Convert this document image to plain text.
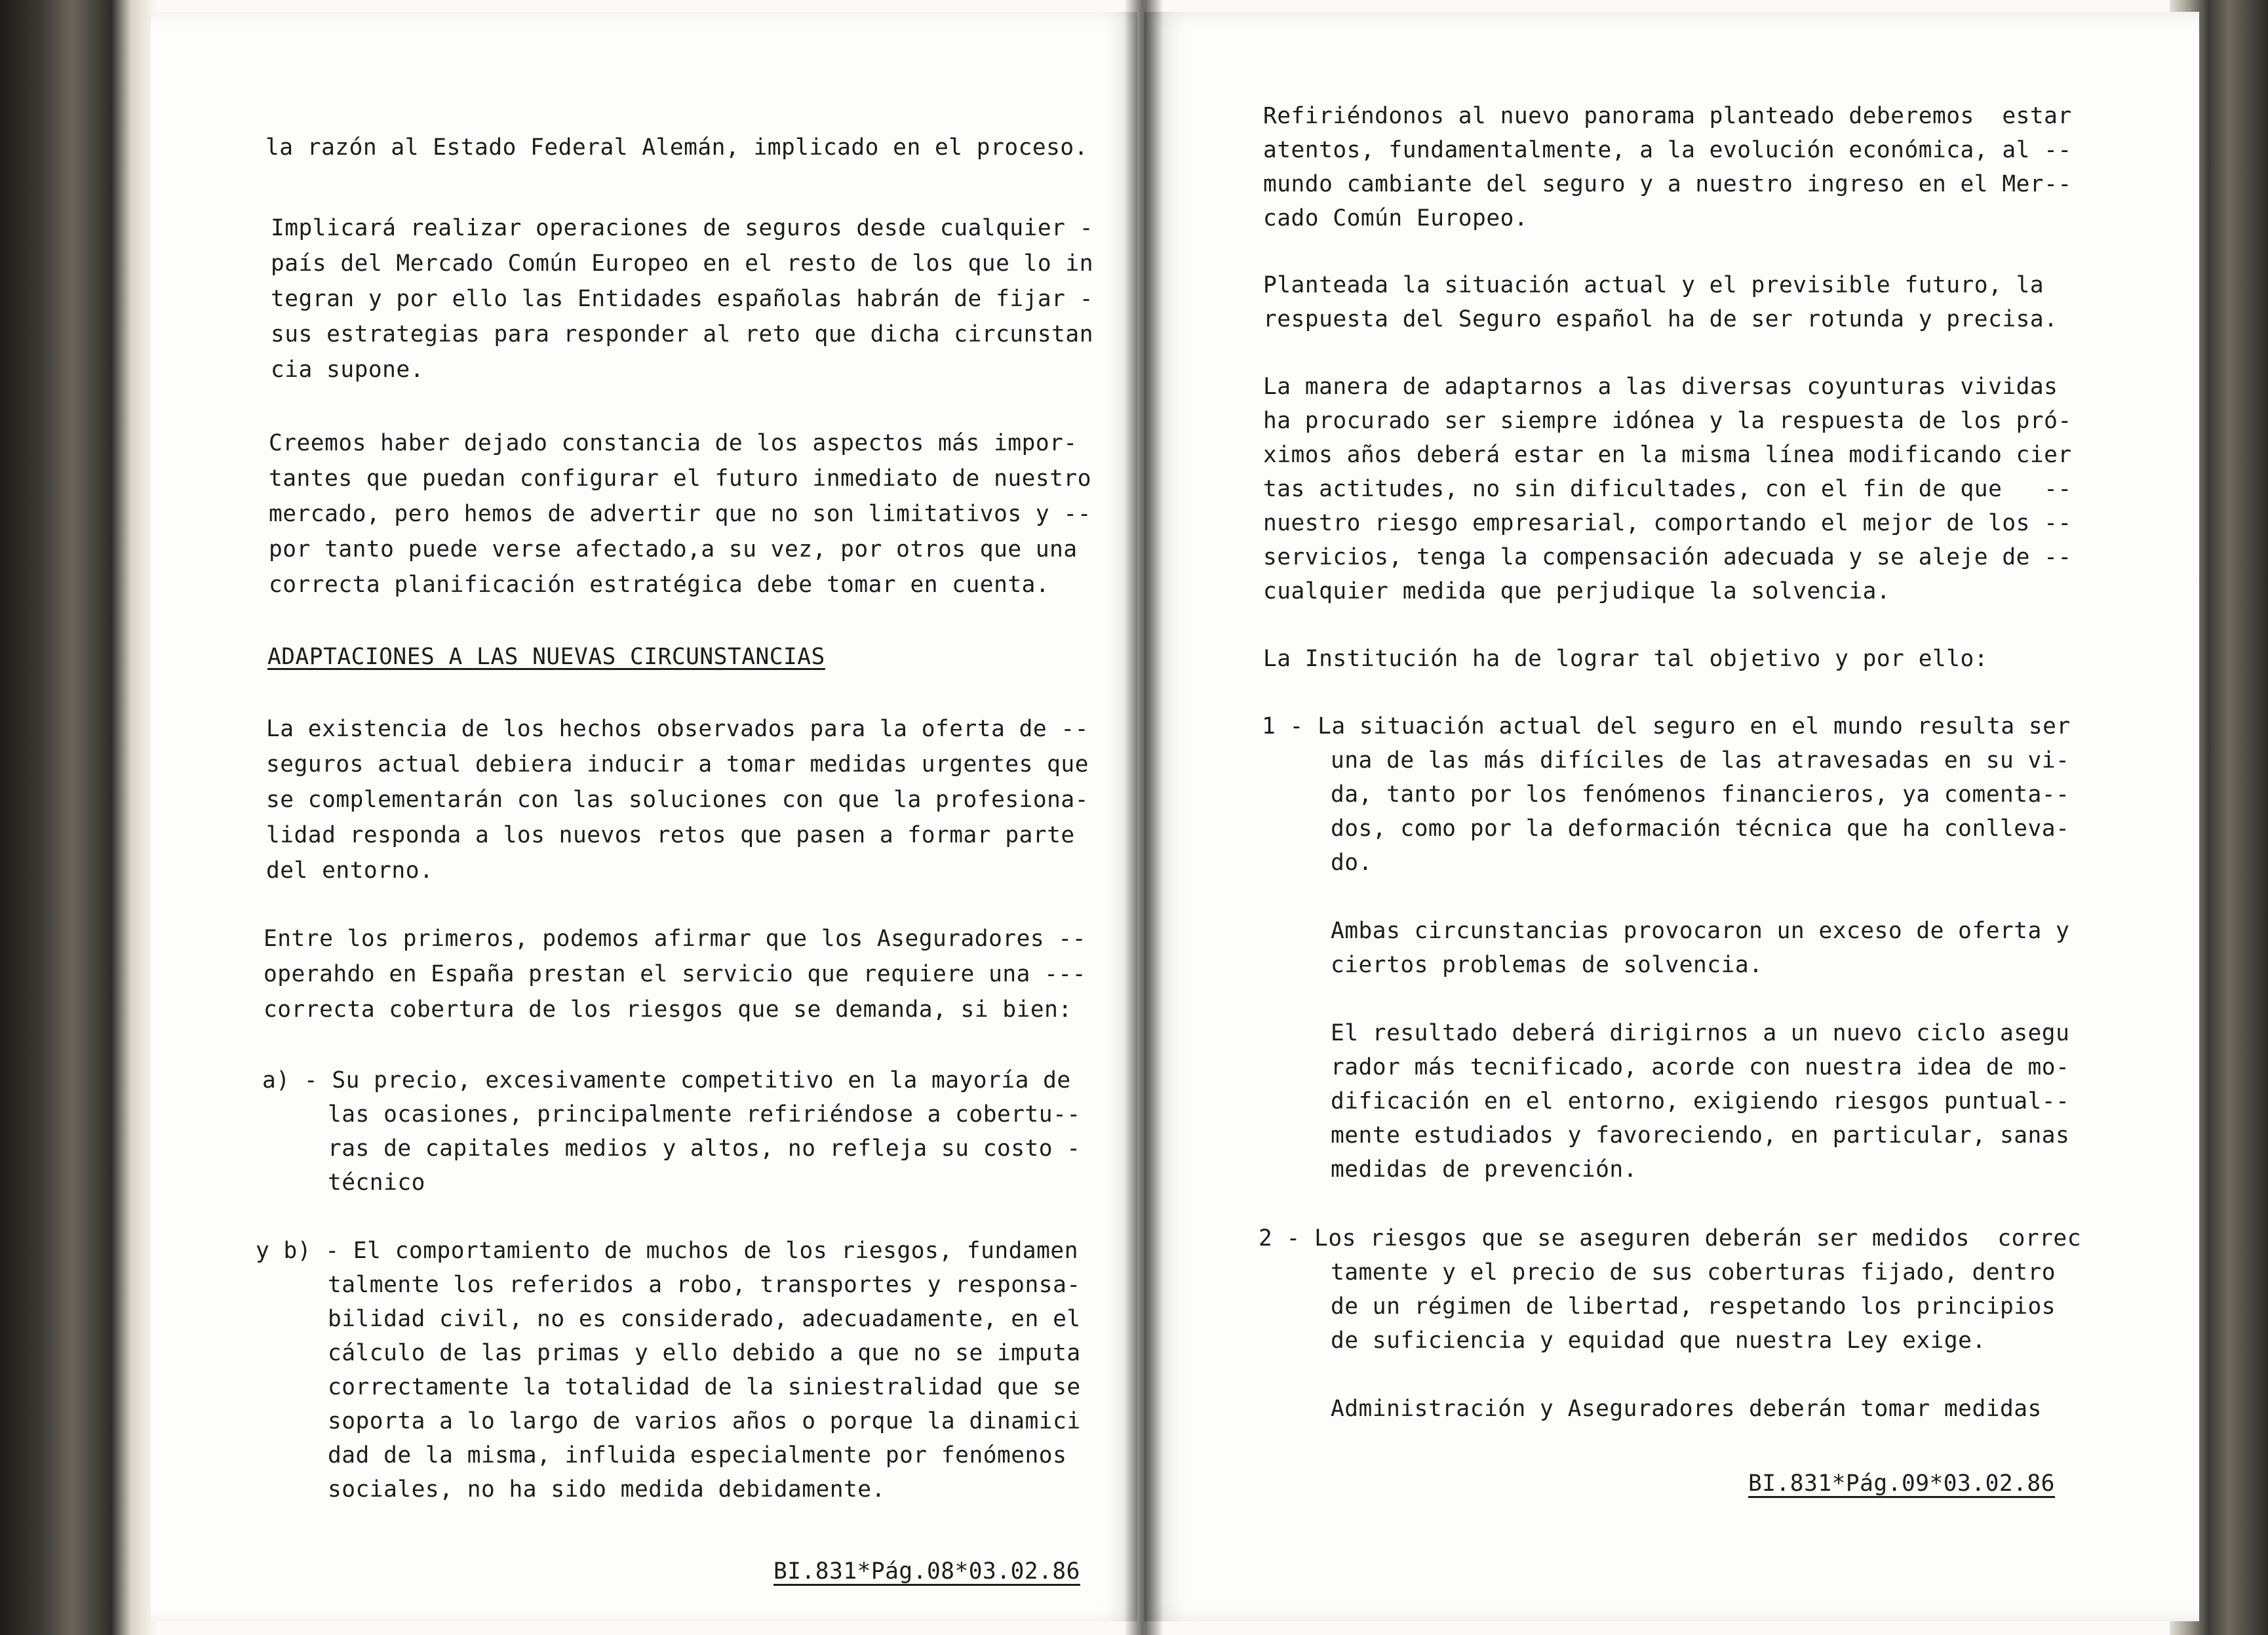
la razón al Estado Federal Alemán, implicado en el proceso.
Implicará realizar operaciones de seguros desde cualquier -
país del Mercado Común Europeo en el resto de los que lo in
tegran y por ello las Entidades españolas habrán de fijar -
sus estrategias para responder al reto que dicha circunstan
cia supone.
Creemos haber dejado constancia de los aspectos más impor-
tantes que puedan configurar el futuro inmediato de nuestro
mercado, pero hemos de advertir que no son limitativos y --
por tanto puede verse afectado,a su vez, por otros que una
correcta planificación estratégica debe tomar en cuenta.
ADAPTACIONES A LAS NUEVAS CIRCUNSTANCIAS
La existencia de los hechos observados para la oferta de --
seguros actual debiera inducir a tomar medidas urgentes que
se complementarán con las soluciones con que la profesiona-
lidad responda a los nuevos retos que pasen a formar parte
del entorno.
Entre los primeros, podemos afirmar que los Aseguradores --
operahdo en España prestan el servicio que requiere una ---
correcta cobertura de los riesgos que se demanda, si bien:
a) - Su precio, excesivamente competitivo en la mayoría de
las ocasiones, principalmente refiriéndose a cobertu--
ras de capitales medios y altos, no refleja su costo -
técnico
y b) - El comportamiento de muchos de los riesgos, fundamen
talmente los referidos a robo, transportes y responsa-
bilidad civil, no es considerado, adecuadamente, en el
cálculo de las primas y ello debido a que no se imputa
correctamente la totalidad de la siniestralidad que se
soporta a lo largo de varios años o porque la dinamici
dad de la misma, influida especialmente por fenómenos
sociales, no ha sido medida debidamente.
BI.831*Pág.08*03.02.86
Refiriéndonos al nuevo panorama planteado deberemos  estar
atentos, fundamentalmente, a la evolución económica, al --
mundo cambiante del seguro y a nuestro ingreso en el Mer--
cado Común Europeo.
Planteada la situación actual y el previsible futuro, la
respuesta del Seguro español ha de ser rotunda y precisa.
La manera de adaptarnos a las diversas coyunturas vividas
ha procurado ser siempre idónea y la respuesta de los pró-
ximos años deberá estar en la misma línea modificando cier
tas actitudes, no sin dificultades, con el fin de que   --
nuestro riesgo empresarial, comportando el mejor de los --
servicios, tenga la compensación adecuada y se aleje de --
cualquier medida que perjudique la solvencia.
La Institución ha de lograr tal objetivo y por ello:
1 - La situación actual del seguro en el mundo resulta ser
una de las más difíciles de las atravesadas en su vi-
da, tanto por los fenómenos financieros, ya comenta--
dos, como por la deformación técnica que ha conlleva-
do.
Ambas circunstancias provocaron un exceso de oferta y
ciertos problemas de solvencia.
El resultado deberá dirigirnos a un nuevo ciclo asegu
rador más tecnificado, acorde con nuestra idea de mo-
dificación en el entorno, exigiendo riesgos puntual--
mente estudiados y favoreciendo, en particular, sanas
medidas de prevención.
2 - Los riesgos que se aseguren deberán ser medidos  correc
tamente y el precio de sus coberturas fijado, dentro
de un régimen de libertad, respetando los principios
de suficiencia y equidad que nuestra Ley exige.
Administración y Aseguradores deberán tomar medidas
BI.831*Pág.09*03.02.86
